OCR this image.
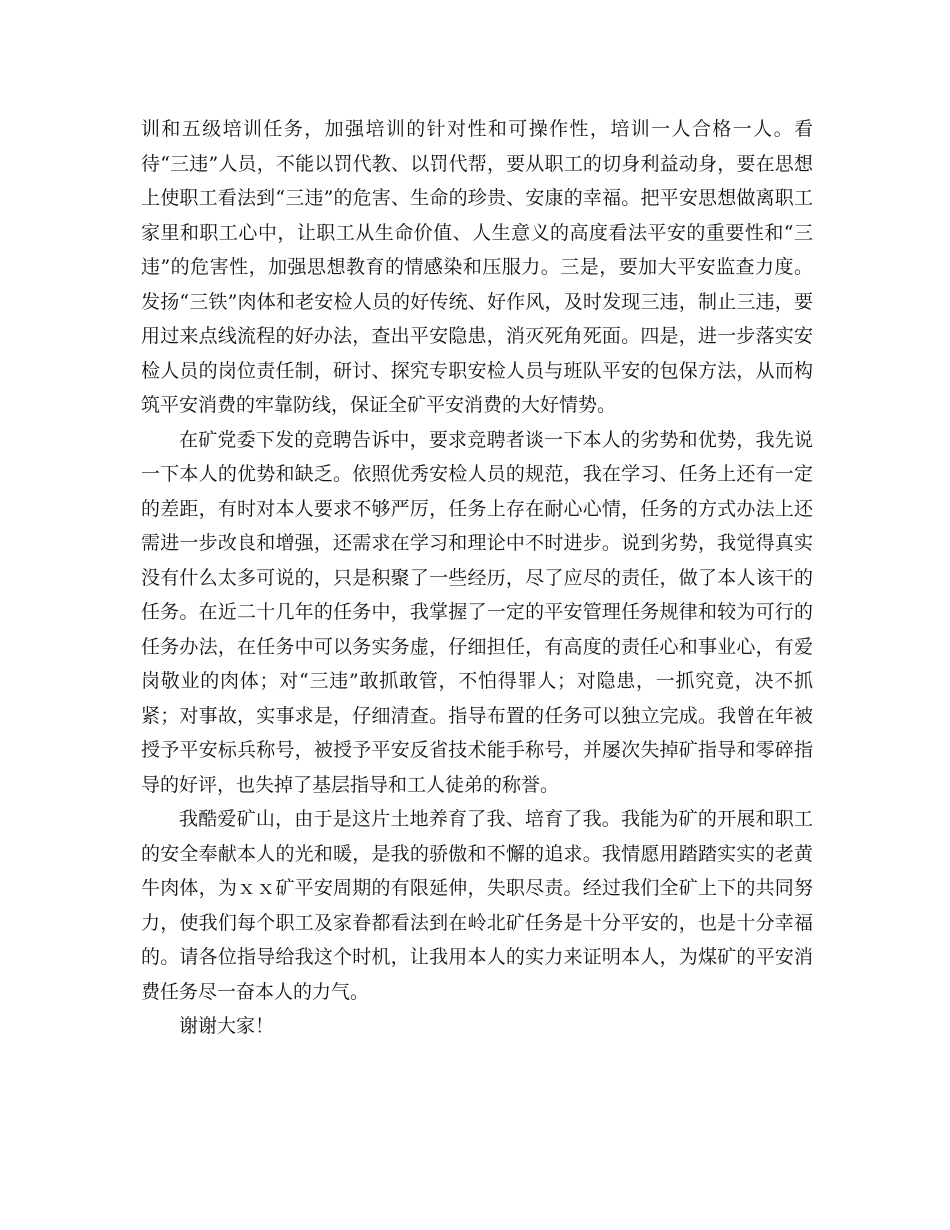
训和五级培训任务，加强培训的针对性和可操作性，培训一人合格一人。看待“三违”人员，不能以罚代教、以罚代帮，要从职工的切身利益动身，要在思想上使职工看法到“三违”的危害、生命的珍贵、安康的幸福。把平安思想做离职工家里和职工心中，让职工从生命价值、人生意义的高度看法平安的重要性和“三违”的危害性，加强思想教育的情感染和压服力。三是，要加大平安监查力度。发扬“三铁”肉体和老安检人员的好传统、好作风，及时发现三违，制止三违，要用过来点线流程的好办法，查出平安隐患，消灭死角死面。四是，进一步落实安检人员的岗位责任制，研讨、探究专职安检人员与班队平安的包保方法，从而构筑平安消费的牢靠防线，保证全矿平安消费的大好情势。

在矿党委下发的竞聘告诉中，要求竞聘者谈一下本人的劣势和优势，我先说一下本人的优势和缺乏。依照优秀安检人员的规范，我在学习、任务上还有一定的差距，有时对本人要求不够严厉，任务上存在耐心心情，任务的方式办法上还需进一步改良和增强，还需求在学习和理论中不时进步。说到劣势，我觉得真实没有什么太多可说的，只是积聚了一些经历，尽了应尽的责任，做了本人该干的任务。在近二十几年的任务中，我掌握了一定的平安管理任务规律和较为可行的任务办法，在任务中可以务实务虚，仔细担任，有高度的责任心和事业心，有爱岗敬业的肉体；对“三违”敢抓敢管，不怕得罪人；对隐患，一抓究竟，决不抓紧；对事故，实事求是，仔细清查。指导布置的任务可以独立完成。我曾在年被授予平安标兵称号，被授予平安反省技术能手称号，并屡次失掉矿指导和零碎指导的好评，也失掉了基层指导和工人徒弟的称誉。

我酷爱矿山，由于是这片土地养育了我、培育了我。我能为矿的开展和职工的安全奉献本人的光和暖，是我的骄傲和不懈的追求。我情愿用踏踏实实的老黄牛肉体，为ｘｘ矿平安周期的有限延伸，失职尽责。经过我们全矿上下的共同努力，使我们每个职工及家眷都看法到在岭北矿任务是十分平安的，也是十分幸福的。请各位指导给我这个时机，让我用本人的实力来证明本人，为煤矿的平安消费任务尽一奋本人的力气。

谢谢大家！
